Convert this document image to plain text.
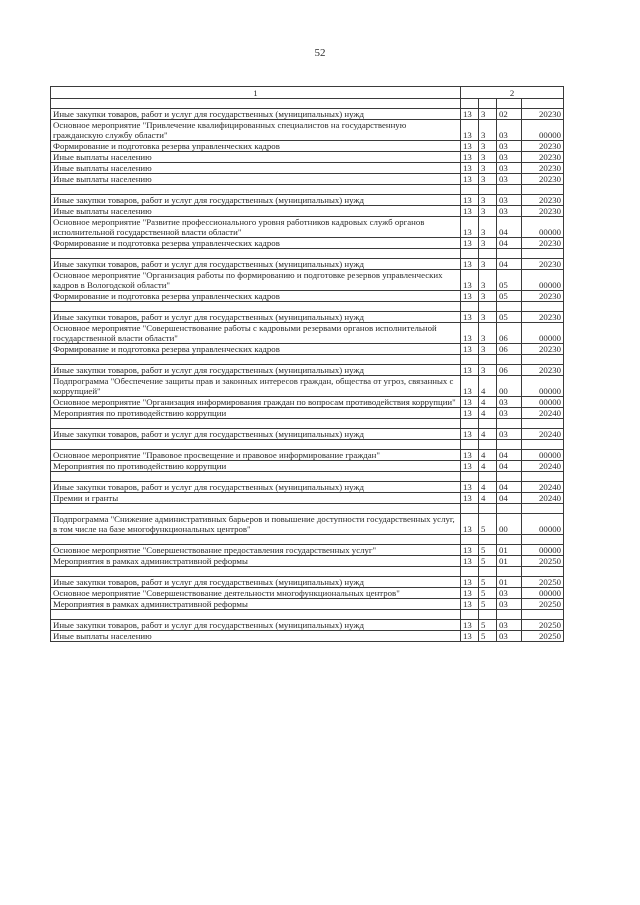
52
1	2			

Иные закупки товаров, работ и услуг для государственных (муниципальных) нужд	13	3	02	20230
Основное мероприятие "Привлечение квалифицированных специалистов на государственную гражданскую службу области"	13	3	03	00000
Формирование и подготовка резерва управленческих кадров	13	3	03	20230
Иные выплаты населению	13	3	03	20230
Иные выплаты населению	13	3	03	20230
Иные выплаты населению	13	3	03	20230

Иные закупки товаров, работ и услуг для государственных (муниципальных) нужд	13	3	03	20230
Иные выплаты населению	13	3	03	20230
Основное мероприятие "Развитие профессионального уровня работников кадровых служб органов исполнительной государственной власти области"	13	3	04	00000
Формирование и подготовка резерва управленческих кадров	13	3	04	20230

Иные закупки товаров, работ и услуг для государственных (муниципальных) нужд	13	3	04	20230
Основное мероприятие "Организация работы по формированию и подготовке резервов управленческих кадров в Вологодской области"	13	3	05	00000
Формирование и подготовка резерва управленческих кадров	13	3	05	20230

Иные закупки товаров, работ и услуг для государственных (муниципальных) нужд	13	3	05	20230
Основное мероприятие "Совершенствование работы с кадровыми резервами органов исполнительной государственной власти области"	13	3	06	00000
Формирование и подготовка резерва управленческих кадров	13	3	06	20230

Иные закупки товаров, работ и услуг для государственных (муниципальных) нужд	13	3	06	20230
Подпрограмма "Обеспечение защиты прав и законных интересов граждан, общества от угроз, связанных с коррупцией"	13	4	00	00000
Основное мероприятие "Организация информирования граждан по вопросам противодействия коррупции"	13	4	03	00000
Мероприятия по противодействию коррупции	13	4	03	20240

Иные закупки товаров, работ и услуг для государственных (муниципальных) нужд	13	4	03	20240

Основное мероприятие "Правовое просвещение и правовое информирование граждан"	13	4	04	00000
Мероприятия по противодействию коррупции	13	4	04	20240

Иные закупки товаров, работ и услуг для государственных (муниципальных) нужд	13	4	04	20240
Премии и гранты	13	4	04	20240

Подпрограмма "Снижение административных барьеров и повышение доступности государственных услуг, в том числе на базе многофункциональных центров"	13	5	00	00000

Основное мероприятие "Совершенствование предоставления государственных услуг"	13	5	01	00000
Мероприятия в рамках административной реформы	13	5	01	20250

Иные закупки товаров, работ и услуг для государственных (муниципальных) нужд	13	5	01	20250
Основное мероприятие "Совершенствование деятельности многофункциональных центров"	13	5	03	00000
Мероприятия в рамках административной реформы	13	5	03	20250

Иные закупки товаров, работ и услуг для государственных (муниципальных) нужд	13	5	03	20250
Иные выплаты населению	13	5	03	20250
